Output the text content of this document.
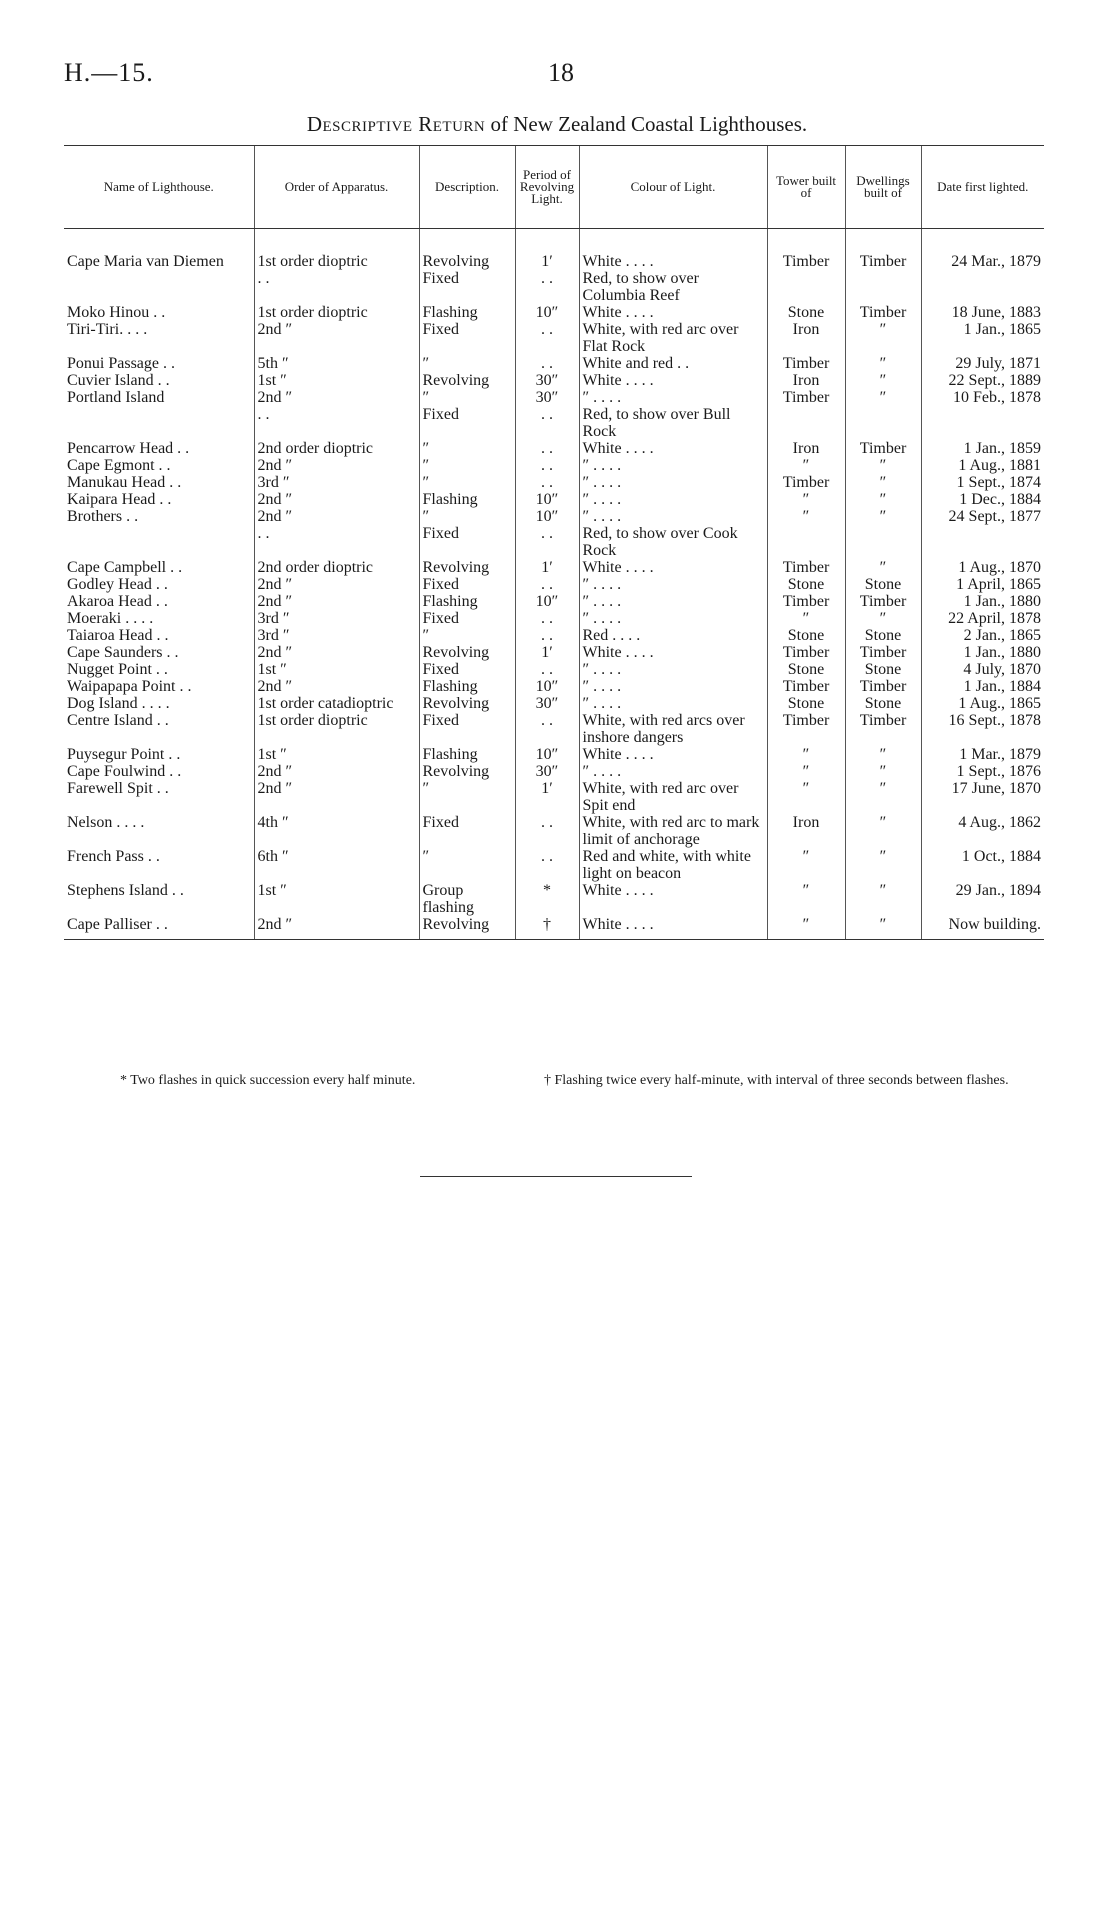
H.—15.	18
Descriptive Return of New Zealand Coastal Lighthouses.
Name of Lighthouse.	Order of Apparatus.	Description.	Period of Revolving Light.	Colour of Light.	Tower built of	Dwellings built of	Date first lighted.
Cape Maria van Diemen	1st order dioptric	Revolving	1′	White . . . .	Timber	Timber	24 Mar., 1879
	. .	Fixed	. .	Red, to show over Columbia Reef			
Moko Hinou . .	1st order dioptric	Flashing	10″	White . . . .	Stone	Timber	18 June, 1883
Tiri-Tiri. . . .	2nd ″	Fixed	. .	White, with red arc over Flat Rock	Iron	″	1 Jan., 1865
Ponui Passage . .	5th ″	″	. .	White and red . .	Timber	″	29 July, 1871
Cuvier Island . .	1st ″	Revolving	30″	White . . . .	Iron	″	22 Sept., 1889
Portland Island	2nd ″	″	30″	″ . . . .	Timber	″	10 Feb., 1878
	. .	Fixed	. .	Red, to show over Bull Rock			
Pencarrow Head . .	2nd order dioptric	″	. .	White . . . .	Iron	Timber	1 Jan., 1859
Cape Egmont . .	2nd ″	″	. .	″ . . . .	″	″	1 Aug., 1881
Manukau Head . .	3rd ″	″	. .	″ . . . .	Timber	″	1 Sept., 1874
Kaipara Head . .	2nd ″	Flashing	10″	″ . . . .	″	″	1 Dec., 1884
Brothers . .	2nd ″	″	10″	″ . . . .	″	″	24 Sept., 1877
	. .	Fixed	. .	Red, to show over Cook Rock			
Cape Campbell . .	2nd order dioptric	Revolving	1′	White . . . .	Timber	″	1 Aug., 1870
Godley Head . .	2nd ″	Fixed	. .	″ . . . .	Stone	Stone	1 April, 1865
Akaroa Head . .	2nd ″	Flashing	10″	″ . . . .	Timber	Timber	1 Jan., 1880
Moeraki . . . .	3rd ″	Fixed	. .	″ . . . .	″	″	22 April, 1878
Taiaroa Head . .	3rd ″	″	. .	Red . . . .	Stone	Stone	2 Jan., 1865
Cape Saunders . .	2nd ″	Revolving	1′	White . . . .	Timber	Timber	1 Jan., 1880
Nugget Point . .	1st ″	Fixed	. .	″ . . . .	Stone	Stone	4 July, 1870
Waipapapa Point . .	2nd ″	Flashing	10″	″ . . . .	Timber	Timber	1 Jan., 1884
Dog Island . . . .	1st order catadioptric	Revolving	30″	″ . . . .	Stone	Stone	1 Aug., 1865
Centre Island . .	1st order dioptric	Fixed	. .	White, with red arcs over inshore dangers	Timber	Timber	16 Sept., 1878
Puysegur Point . .	1st ″	Flashing	10″	White . . . .	″	″	1 Mar., 1879
Cape Foulwind . .	2nd ″	Revolving	30″	″ . . . .	″	″	1 Sept., 1876
Farewell Spit . .	2nd ″	″	1′	White, with red arc over Spit end	″	″	17 June, 1870
Nelson . . . .	4th ″	Fixed	. .	White, with red arc to mark limit of anchorage	Iron	″	4 Aug., 1862
French Pass . .	6th ″	″	. .	Red and white, with white light on beacon	″	″	1 Oct., 1884
Stephens Island . .	1st ″	Group flashing	*	White . . . .	″	″	29 Jan., 1894
Cape Palliser . .	2nd ″	Revolving	†	White . . . .	″	″	Now building.
* Two flashes in quick succession every half minute.	† Flashing twice every half-minute, with interval of three seconds between flashes.
